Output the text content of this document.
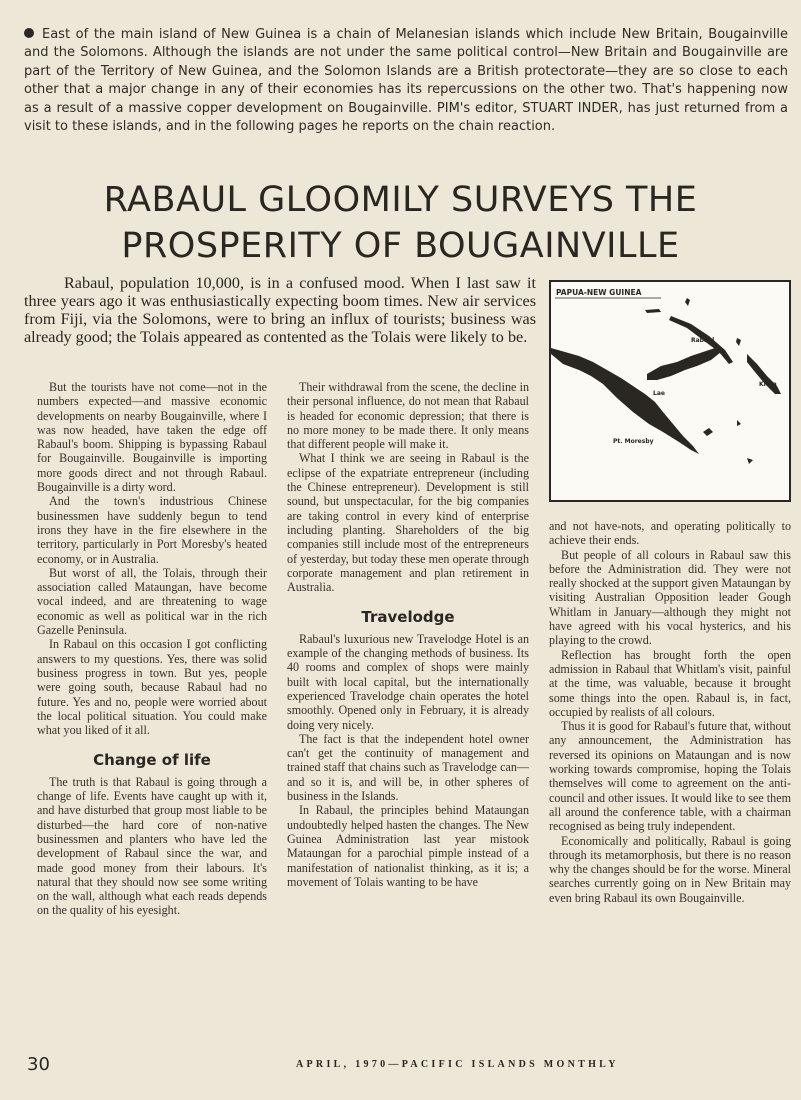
East of the main island of New Guinea is a chain of Melanesian islands which include New Britain, Bougainville and the Solomons. Although the islands are not under the same political control—New Britain and Bougainville are part of the Territory of New Guinea, and the Solomon Islands are a British protectorate—they are so close to each other that a major change in any of their economies has its repercussions on the other two. That's happening now as a result of a massive copper development on Bougainville. PIM's editor, STUART INDER, has just returned from a visit to these islands, and in the following pages he reports on the chain reaction.
RABAUL GLOOMILY SURVEYS THE
PROSPERITY OF BOUGAINVILLE

Rabaul, population 10,000, is in a confused mood. When I last saw it three years ago it was enthusiastically expecting boom times. New air services from Fiji, via the Solomons, were to bring an influx of tourists; business was already good; the Tolais appeared as contented as the Tolais were likely to be.

But the tourists have not come—not in the numbers expected—and massive economic developments on nearby Bougainville, where I was now headed, have taken the edge off Rabaul's boom. Shipping is bypassing Rabaul for Bougainville. Bougainville is importing more goods direct and not through Rabaul. Bougainville is a dirty word.

And the town's industrious Chinese businessmen have suddenly begun to tend irons they have in the fire elsewhere in the territory, particularly in Port Moresby's heated economy, or in Australia.

But worst of all, the Tolais, through their association called Mataungan, have become vocal indeed, and are threatening to wage economic as well as political war in the rich Gazelle Peninsula.

In Rabaul on this occasion I got conflicting answers to my questions. Yes, there was solid business progress in town. But yes, people were going south, because Rabaul had no future. Yes and no, people were worried about the local political situation. You could make what you liked of it all.

Change of life

The truth is that Rabaul is going through a change of life. Events have caught up with it, and have disturbed that group most liable to be disturbed—the hard core of non-native businessmen and planters who have led the development of Rabaul since the war, and made good money from their labours. It's natural that they should now see some writing on the wall, although what each reads depends on the quality of his eyesight.

Their withdrawal from the scene, the decline in their personal influence, do not mean that Rabaul is headed for economic depression; that there is no more money to be made there. It only means that different people will make it.

What I think we are seeing in Rabaul is the eclipse of the expatriate entrepreneur (including the Chinese entrepreneur). Development is still sound, but unspectacular, for the big companies are taking control in every kind of enterprise including planting. Shareholders of the big companies still include most of the entrepreneurs of yesterday, but today these men operate through corporate management and plan retirement in Australia.

Travelodge

Rabaul's luxurious new Travelodge Hotel is an example of the changing methods of business. Its 40 rooms and complex of shops were mainly built with local capital, but the internationally experienced Travelodge chain operates the hotel smoothly. Opened only in February, it is already doing very nicely.

The fact is that the independent hotel owner can't get the continuity of management and trained staff that chains such as Travelodge can—and so it is, and will be, in other spheres of business in the Islands.

In Rabaul, the principles behind Mataungan undoubtedly helped hasten the changes. The New Guinea Administration last year mistook Mataungan for a parochial pimple instead of a manifestation of nationalist thinking, as it is; a movement of Tolais wanting to be have

PAPUA-NEW GUINEA
Rabaul
Kieta
Lae
Pt. Moresby

and not have-nots, and operating politically to achieve their ends.

But people of all colours in Rabaul saw this before the Administration did. They were not really shocked at the support given Mataungan by visiting Australian Opposition leader Gough Whitlam in January—although they might not have agreed with his vocal hysterics, and his playing to the crowd.

Reflection has brought forth the open admission in Rabaul that Whitlam's visit, painful at the time, was valuable, because it brought some things into the open. Rabaul is, in fact, occupied by realists of all colours.

Thus it is good for Rabaul's future that, without any announcement, the Administration has reversed its opinions on Mataungan and is now working towards compromise, hoping the Tolais themselves will come to agreement on the anti-council and other issues. It would like to see them all around the conference table, with a chairman recognised as being truly independent.

Economically and politically, Rabaul is going through its metamorphosis, but there is no reason why the changes should be for the worse. Mineral searches currently going on in New Britain may even bring Rabaul its own Bougainville.

30	APRIL, 1970—PACIFIC ISLANDS MONTHLY
